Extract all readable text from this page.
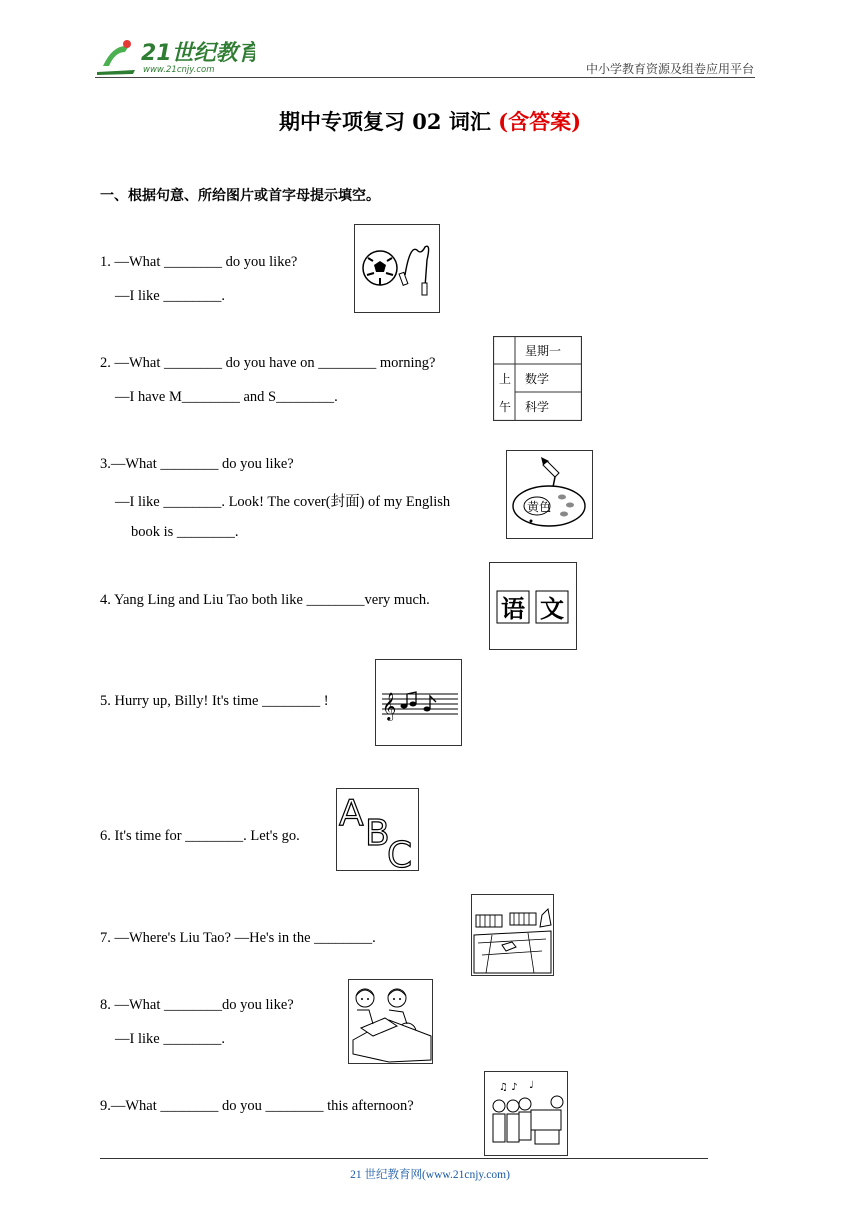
21世纪教育
www.21cnjy.com	中小学教育资源及组卷应用平台
期中专项复习 02 词汇 (含答案)
一、根据句意、所给图片或首字母提示填空。
1. —What ________ do you like?
—I like ________.
2. —What ________ do you have on ________ morning?
—I have M________ and S________.
星期一
上
午
数学
科学
3.—What ________ do you like?
—I like ________. Look! The cover(封面) of my English
book is ________.
黄色
4. Yang Ling and Liu Tao both like ________very much.	语 文
5. Hurry up, Billy! It's time ________ ! 𝄞
6. It's time for ________. Let's go.
A B
C
7. —Where's Liu Tao? —He's in the ________.
8. —What ________do you like?
—I like ________.
9.—What ________ do you ________ this afternoon?
♫ ♪ ♩
21 世纪教育网(www.21cnjy.com)
